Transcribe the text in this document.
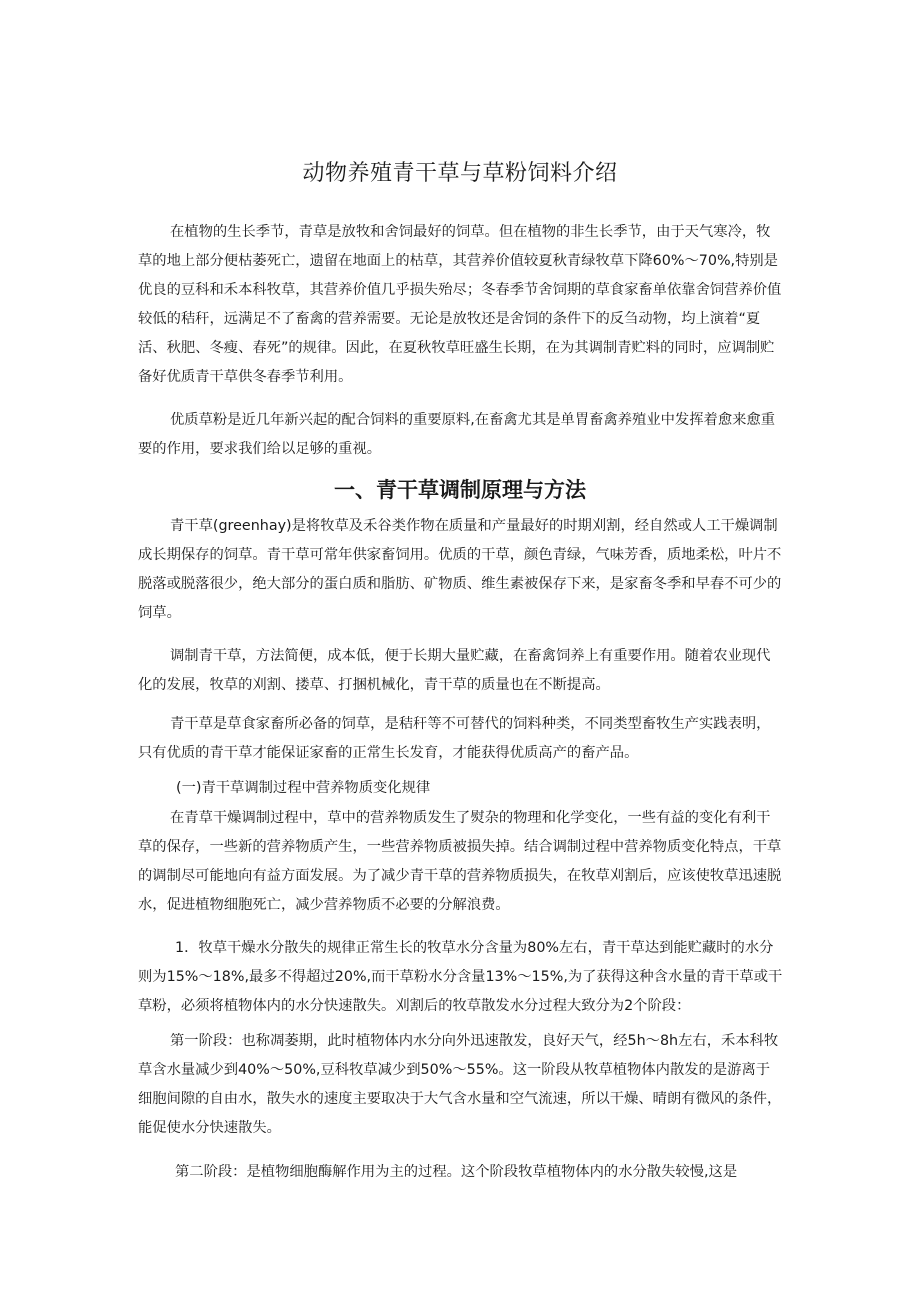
动物养殖青干草与草粉饲料介绍

在植物的生长季节，青草是放牧和舍饲最好的饲草。但在植物的非生长季节，由于天气寒冷，牧草的地上部分便枯萎死亡，遗留在地面上的枯草，其营养价值较夏秋青绿牧草下降60%～70%,特别是优良的豆科和禾本科牧草，其营养价值几乎损失殆尽；冬春季节舍饲期的草食家畜单依靠舍饲营养价值较低的秸秆，远满足不了畜禽的营养需要。无论是放牧还是舍饲的条件下的反刍动物，均上演着“夏活、秋肥、冬瘦、春死”的规律。因此，在夏秋牧草旺盛生长期，在为其调制青贮料的同时，应调制贮备好优质青干草供冬春季节利用。

优质草粉是近几年新兴起的配合饲料的重要原料,在畜禽尤其是单胃畜禽养殖业中发挥着愈来愈重要的作用，要求我们给以足够的重视。

一、青干草调制原理与方法

青干草(greenhay)是将牧草及禾谷类作物在质量和产量最好的时期刈割，经自然或人工干燥调制成长期保存的饲草。青干草可常年供家畜饲用。优质的干草，颜色青绿，气味芳香，质地柔松，叶片不脱落或脱落很少，绝大部分的蛋白质和脂肪、矿物质、维生素被保存下来，是家畜冬季和早春不可少的饲草。

调制青干草，方法简便，成本低，便于长期大量贮藏，在畜禽饲养上有重要作用。随着农业现代化的发展，牧草的刈割、搂草、打捆机械化，青干草的质量也在不断提高。

青干草是草食家畜所必备的饲草，是秸秆等不可替代的饲料种类，不同类型畜牧生产实践表明，只有优质的青干草才能保证家畜的正常生长发育，才能获得优质高产的畜产品。

(一)青干草调制过程中营养物质变化规律

在青草干燥调制过程中，草中的营养物质发生了熨杂的物理和化学变化，一些有益的变化有利干草的保存，一些新的营养物质产生，一些营养物质被损失掉。结合调制过程中营养物质变化特点，干草的调制尽可能地向有益方面发展。为了减少青干草的营养物质损失，在牧草刈割后，应该使牧草迅速脱水，促进植物细胞死亡，减少营养物质不必要的分解浪费。

1．牧草干燥水分散失的规律正常生长的牧草水分含量为80%左右，青干草达到能贮藏时的水分则为15%～18%,最多不得超过20%,而干草粉水分含量13%～15%,为了获得这种含水量的青干草或干草粉，必须将植物体内的水分快速散失。刈割后的牧草散发水分过程大致分为2个阶段：

第一阶段：也称凋萎期，此时植物体内水分向外迅速散发，良好天气，经5h～8h左右，禾本科牧草含水量减少到40%～50%,豆科牧草减少到50%～55%。这一阶段从牧草植物体内散发的是游离于细胞间隙的自由水，散失水的速度主要取决于大气含水量和空气流速，所以干燥、晴朗有微风的条件，能促使水分快速散失。

第二阶段：是植物细胞酶解作用为主的过程。这个阶段牧草植物体内的水分散失较慢,这是
